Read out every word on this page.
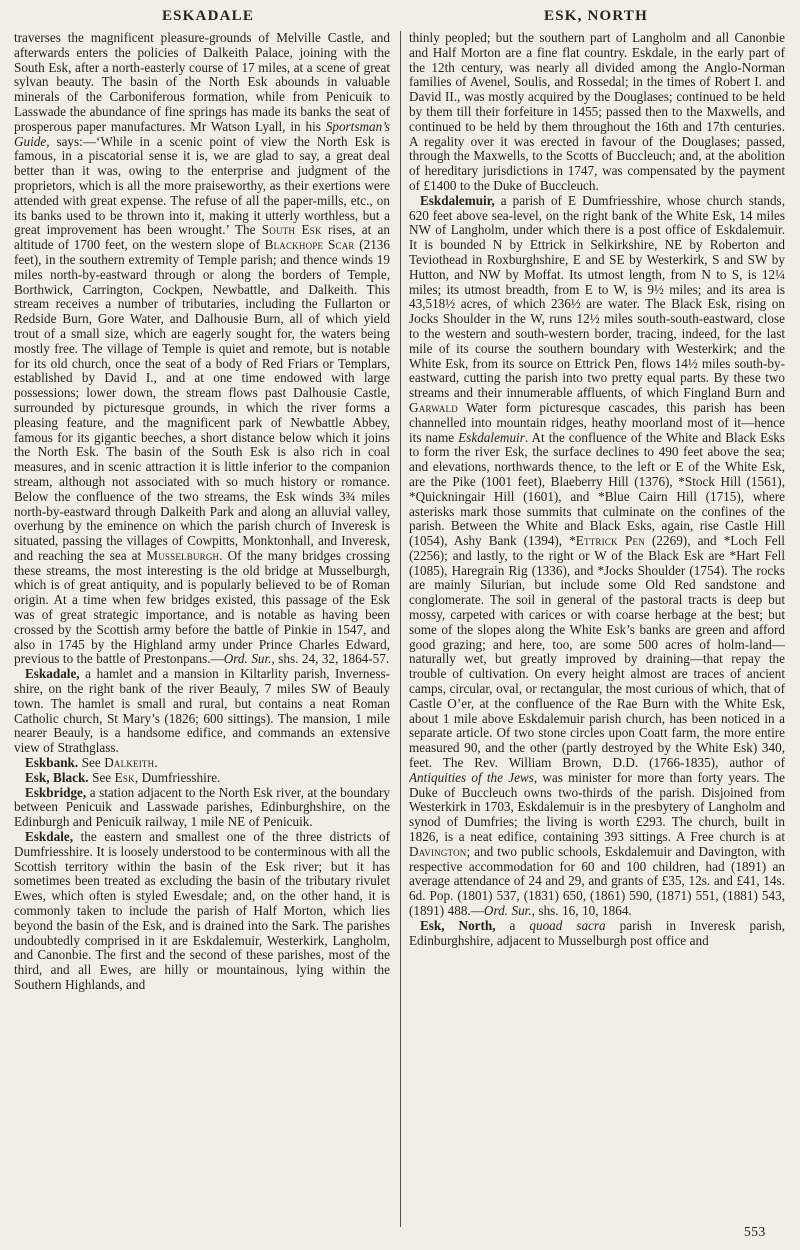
ESKADALE	ESK, NORTH

traverses the magnificent pleasure-grounds of Melville Castle, and afterwards enters the policies of Dalkeith Palace, joining with the South Esk, after a north-easterly course of 17 miles, at a scene of great sylvan beauty. The basin of the North Esk abounds in valuable minerals of the Carboniferous formation, while from Penicuik to Lasswade the abundance of fine springs has made its banks the seat of prosperous paper manufactures. Mr Watson Lyall, in his Sportsman’s Guide, says:—‘While in a scenic point of view the North Esk is famous, in a piscatorial sense it is, we are glad to say, a great deal better than it was, owing to the enterprise and judgment of the proprietors, which is all the more praiseworthy, as their exertions were attended with great expense. The refuse of all the paper-mills, etc., on its banks used to be thrown into it, making it utterly worthless, but a great improvement has been wrought.’ The South Esk rises, at an altitude of 1700 feet, on the western slope of Blackhope Scar (2136 feet), in the southern extremity of Temple parish; and thence winds 19 miles north-by-eastward through or along the borders of Temple, Borthwick, Carrington, Cockpen, Newbattle, and Dalkeith. This stream receives a number of tributaries, including the Fullarton or Redside Burn, Gore Water, and Dalhousie Burn, all of which yield trout of a small size, which are eagerly sought for, the waters being mostly free. The village of Temple is quiet and remote, but is notable for its old church, once the seat of a body of Red Friars or Templars, established by David I., and at one time endowed with large possessions; lower down, the stream flows past Dalhousie Castle, surrounded by picturesque grounds, in which the river forms a pleasing feature, and the magnificent park of Newbattle Abbey, famous for its gigantic beeches, a short distance below which it joins the North Esk. The basin of the South Esk is also rich in coal measures, and in scenic attraction it is little inferior to the companion stream, although not associated with so much history or romance. Below the confluence of the two streams, the Esk winds 3¾ miles north-by-eastward through Dalkeith Park and along an alluvial valley, overhung by the eminence on which the parish church of Inveresk is situated, passing the villages of Cowpitts, Monktonhall, and Inveresk, and reaching the sea at Musselburgh. Of the many bridges crossing these streams, the most interesting is the old bridge at Musselburgh, which is of great antiquity, and is popularly believed to be of Roman origin. At a time when few bridges existed, this passage of the Esk was of great strategic importance, and is notable as having been crossed by the Scottish army before the battle of Pinkie in 1547, and also in 1745 by the Highland army under Prince Charles Edward, previous to the battle of Prestonpans.—Ord. Sur., shs. 24, 32, 1864-57.

Eskadale, a hamlet and a mansion in Kiltarlity parish, Inverness-shire, on the right bank of the river Beauly, 7 miles SW of Beauly town. The hamlet is small and rural, but contains a neat Roman Catholic church, St Mary’s (1826; 600 sittings). The mansion, 1 mile nearer Beauly, is a handsome edifice, and commands an extensive view of Strathglass.

Eskbank. See Dalkeith.

Esk, Black. See Esk, Dumfriesshire.

Eskbridge, a station adjacent to the North Esk river, at the boundary between Penicuik and Lasswade parishes, Edinburghshire, on the Edinburgh and Penicuik railway, 1 mile NE of Penicuik.

Eskdale, the eastern and smallest one of the three districts of Dumfriesshire. It is loosely understood to be conterminous with all the Scottish territory within the basin of the Esk river; but it has sometimes been treated as excluding the basin of the tributary rivulet Ewes, which often is styled Ewesdale; and, on the other hand, it is commonly taken to include the parish of Half Morton, which lies beyond the basin of the Esk, and is drained into the Sark. The parishes undoubtedly comprised in it are Eskdalemuir, Westerkirk, Langholm, and Canonbie. The first and the second of these parishes, most of the third, and all Ewes, are hilly or mountainous, lying within the Southern Highlands, and

thinly peopled; but the southern part of Langholm and all Canonbie and Half Morton are a fine flat country. Eskdale, in the early part of the 12th century, was nearly all divided among the Anglo-Norman families of Avenel, Soulis, and Rossedal; in the times of Robert I. and David II., was mostly acquired by the Douglases; continued to be held by them till their forfeiture in 1455; passed then to the Maxwells, and continued to be held by them throughout the 16th and 17th centuries. A regality over it was erected in favour of the Douglases; passed, through the Maxwells, to the Scotts of Buccleuch; and, at the abolition of hereditary jurisdictions in 1747, was compensated by the payment of £1400 to the Duke of Buccleuch.

Eskdalemuir, a parish of E Dumfriesshire, whose church stands, 620 feet above sea-level, on the right bank of the White Esk, 14 miles NW of Langholm, under which there is a post office of Eskdalemuir. It is bounded N by Ettrick in Selkirkshire, NE by Roberton and Teviothead in Roxburghshire, E and SE by Westerkirk, S and SW by Hutton, and NW by Moffat. Its utmost length, from N to S, is 12¼ miles; its utmost breadth, from E to W, is 9½ miles; and its area is 43,518½ acres, of which 236½ are water. The Black Esk, rising on Jocks Shoulder in the W, runs 12½ miles south-south-eastward, close to the western and south-western border, tracing, indeed, for the last mile of its course the southern boundary with Westerkirk; and the White Esk, from its source on Ettrick Pen, flows 14½ miles south-by-eastward, cutting the parish into two pretty equal parts. By these two streams and their innumerable affluents, of which Fingland Burn and Garwald Water form picturesque cascades, this parish has been channelled into mountain ridges, heathy moorland most of it—hence its name Eskdalemuir. At the confluence of the White and Black Esks to form the river Esk, the surface declines to 490 feet above the sea; and elevations, northwards thence, to the left or E of the White Esk, are the Pike (1001 feet), Blaeberry Hill (1376), *Stock Hill (1561), *Quickningair Hill (1601), and *Blue Cairn Hill (1715), where asterisks mark those summits that culminate on the confines of the parish. Between the White and Black Esks, again, rise Castle Hill (1054), Ashy Bank (1394), *Ettrick Pen (2269), and *Loch Fell (2256); and lastly, to the right or W of the Black Esk are *Hart Fell (1085), Haregrain Rig (1336), and *Jocks Shoulder (1754). The rocks are mainly Silurian, but include some Old Red sandstone and conglomerate. The soil in general of the pastoral tracts is deep but mossy, carpeted with carices or with coarse herbage at the best; but some of the slopes along the White Esk’s banks are green and afford good grazing; and here, too, are some 500 acres of holm-land—naturally wet, but greatly improved by draining—that repay the trouble of cultivation. On every height almost are traces of ancient camps, circular, oval, or rectangular, the most curious of which, that of Castle O’er, at the confluence of the Rae Burn with the White Esk, about 1 mile above Eskdalemuir parish church, has been noticed in a separate article. Of two stone circles upon Coatt farm, the more entire measured 90, and the other (partly destroyed by the White Esk) 340, feet. The Rev. William Brown, D.D. (1766-1835), author of Antiquities of the Jews, was minister for more than forty years. The Duke of Buccleuch owns two-thirds of the parish. Disjoined from Westerkirk in 1703, Eskdalemuir is in the presbytery of Langholm and synod of Dumfries; the living is worth £293. The church, built in 1826, is a neat edifice, containing 393 sittings. A Free church is at Davington; and two public schools, Eskdalemuir and Davington, with respective accommodation for 60 and 100 children, had (1891) an average attendance of 24 and 29, and grants of £35, 12s. and £41, 14s. 6d. Pop. (1801) 537, (1831) 650, (1861) 590, (1871) 551, (1881) 543, (1891) 488.—Ord. Sur., shs. 16, 10, 1864.

Esk, North, a quoad sacra parish in Inveresk parish, Edinburghshire, adjacent to Musselburgh post office and

553
